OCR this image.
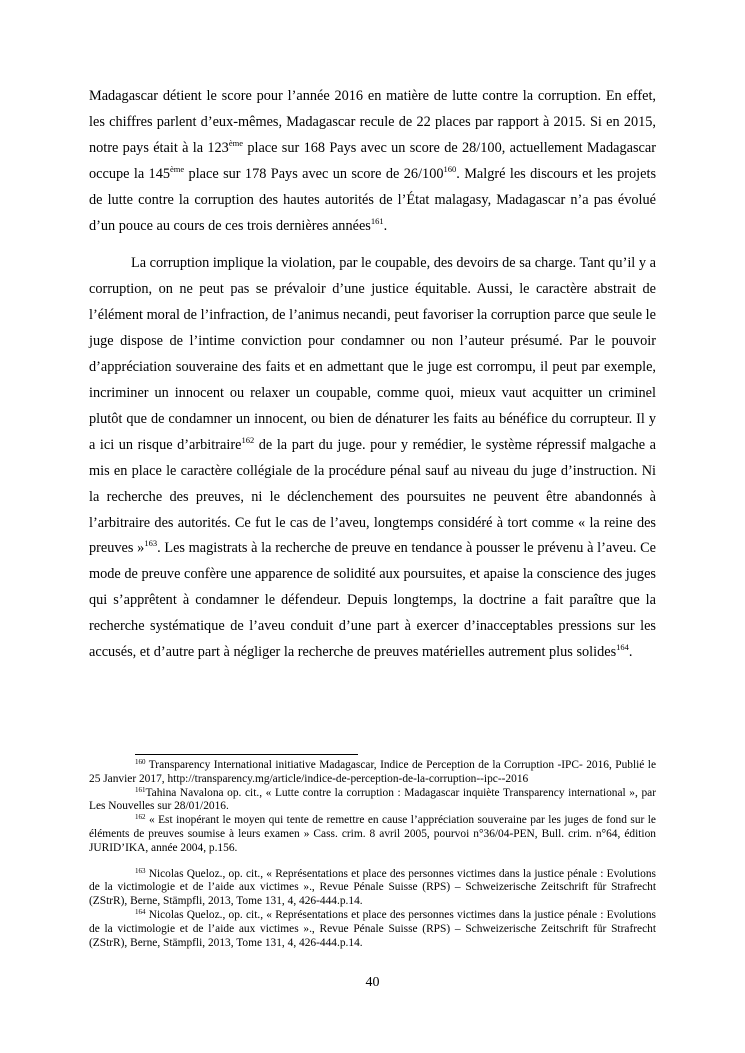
Madagascar détient le score pour l’année 2016 en matière de lutte contre la corruption. En effet, les chiffres parlent d’eux-mêmes, Madagascar recule de 22 places par rapport à 2015. Si en 2015, notre pays était à la 123ème place sur 168 Pays avec un score de 28/100, actuellement Madagascar occupe la 145ème place sur 178 Pays avec un score de $26/100^{160}$. Malgré les discours et les projets de lutte contre la corruption des hautes autorités de l’État malagasy, Madagascar n’a pas évolué d’un pouce au cours de ces trois dernières années$^{161}$.

La corruption implique la violation, par le coupable, des devoirs de sa charge. Tant qu’il y a corruption, on ne peut pas se prévaloir d’une justice équitable. Aussi, le caractère abstrait de l’élément moral de l’infraction, de l’animus necandi, peut favoriser la corruption parce que seule le juge dispose de l’intime conviction pour condamner ou non l’auteur présumé. Par le pouvoir d’appréciation souveraine des faits et en admettant que le juge est corrompu, il peut par exemple, incriminer un innocent ou relaxer un coupable, comme quoi, mieux vaut acquitter un criminel plutôt que de condamner un innocent, ou bien de dénaturer les faits au bénéfice du corrupteur. Il y a ici un risque d’arbitraire$^{162}$ de la part du juge. pour y remédier, le système répressif malgache a mis en place le caractère collégiale de la procédure pénal sauf au niveau du juge d’instruction. Ni la recherche des preuves, ni le déclenchement des poursuites ne peuvent être abandonnés à l’arbitraire des autorités. Ce fut le cas de l’aveu, longtemps considéré à tort comme « la reine des preuves »$^{163}$. Les magistrats à la recherche de preuve en tendance à pousser le prévenu à l’aveu. Ce mode de preuve confère une apparence de solidité aux poursuites, et apaise la conscience des juges qui s’apprêtent à condamner le défendeur. Depuis longtemps, la doctrine a fait paraître que la recherche systématique de l’aveu conduit d’une part à exercer d’inacceptables pressions sur les accusés, et d’autre part à négliger la recherche de preuves matérielles autrement plus solides$^{164}$.

$^{160}$ Transparency International initiative Madagascar, Indice de Perception de la Corruption -IPC- 2016, Publié le 25 Janvier 2017, http://transparency.mg/article/indice-de-perception-de-la-corruption--ipc--2016

$^{161}$Tahina Navalona op. cit., « Lutte contre la corruption : Madagascar inquiète Transparency international », par Les Nouvelles sur 28/01/2016.

$^{162}$ « Est inopérant le moyen qui tente de remettre en cause l’appréciation souveraine par les juges de fond sur le éléments de preuves soumise à leurs examen » Cass. crim. 8 avril 2005, pourvoi n°36/04-PEN, Bull. crim. n°64, édition JURID’IKA, année 2004, p.156.

$^{163}$ Nicolas Queloz., op. cit., « Représentations et place des personnes victimes dans la justice pénale : Evolutions de la victimologie et de l’aide aux victimes »., Revue Pénale Suisse (RPS) – Schweizerische Zeitschrift für Strafrecht (ZStrR), Berne, Stämpfli, 2013, Tome 131, 4, 426-444.p.14.

$^{164}$ Nicolas Queloz., op. cit., « Représentations et place des personnes victimes dans la justice pénale : Evolutions de la victimologie et de l’aide aux victimes »., Revue Pénale Suisse (RPS) – Schweizerische Zeitschrift für Strafrecht (ZStrR), Berne, Stämpfli, 2013, Tome 131, 4, 426-444.p.14.

40
